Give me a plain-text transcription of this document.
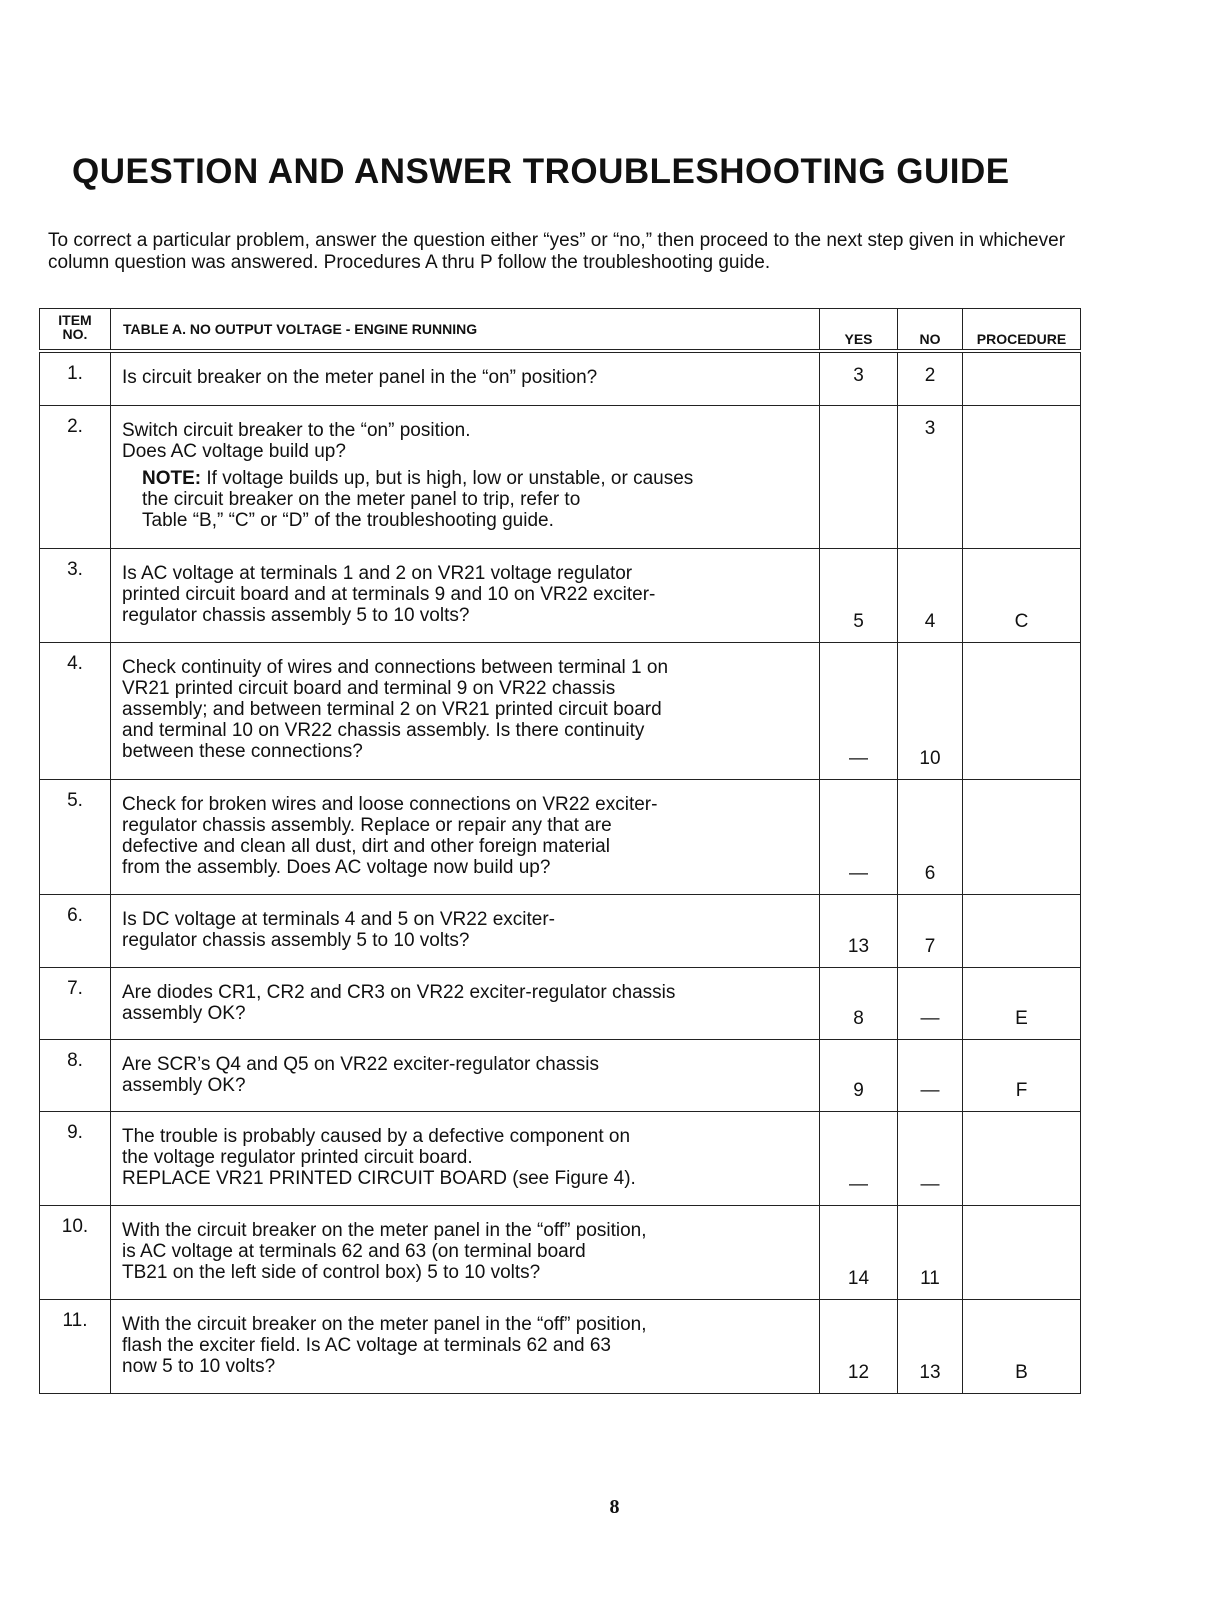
QUESTION AND ANSWER TROUBLESHOOTING GUIDE

To correct a particular problem, answer the question either “yes” or “no,” then proceed to the next step given in whichever column question was answered. Procedures A thru P follow the troubleshooting guide.

ITEM
NO.	TABLE A. NO OUTPUT VOLTAGE - ENGINE RUNNING	YES	NO	PROCEDURE
1.	Is circuit breaker on the meter panel in the “on” position?	3	2	
2.	Switch circuit breaker to the “on” position.
Does AC voltage build up?
NOTE: If voltage builds up, but is high, low or unstable, or causes
the circuit breaker on the meter panel to trip, refer to
Table “B,” “C” or “D” of the troubleshooting guide.		3	
3.	Is AC voltage at terminals 1 and 2 on VR21 voltage regulator
printed circuit board and at terminals 9 and 10 on VR22 exciter-
regulator chassis assembly 5 to 10 volts?	5	4	C
4.	Check continuity of wires and connections between terminal 1 on
VR21 printed circuit board and terminal 9 on VR22 chassis
assembly; and between terminal 2 on VR21 printed circuit board
and terminal 10 on VR22 chassis assembly. Is there continuity
between these connections?	—	10	
5.	Check for broken wires and loose connections on VR22 exciter-
regulator chassis assembly. Replace or repair any that are
defective and clean all dust, dirt and other foreign material
from the assembly. Does AC voltage now build up?	—	6	
6.	Is DC voltage at terminals 4 and 5 on VR22 exciter-
regulator chassis assembly 5 to 10 volts?	13	7	
7.	Are diodes CR1, CR2 and CR3 on VR22 exciter-regulator chassis
assembly OK?	8	—	E
8.	Are SCR’s Q4 and Q5 on VR22 exciter-regulator chassis
assembly OK?	9	—	F
9.	The trouble is probably caused by a defective component on
the voltage regulator printed circuit board.
REPLACE VR21 PRINTED CIRCUIT BOARD (see Figure 4).	—	—	
10.	With the circuit breaker on the meter panel in the “off” position,
is AC voltage at terminals 62 and 63 (on terminal board
TB21 on the left side of control box) 5 to 10 volts?	14	11	
11.	With the circuit breaker on the meter panel in the “off” position,
flash the exciter field. Is AC voltage at terminals 62 and 63
now 5 to 10 volts?	12	13	B
8
